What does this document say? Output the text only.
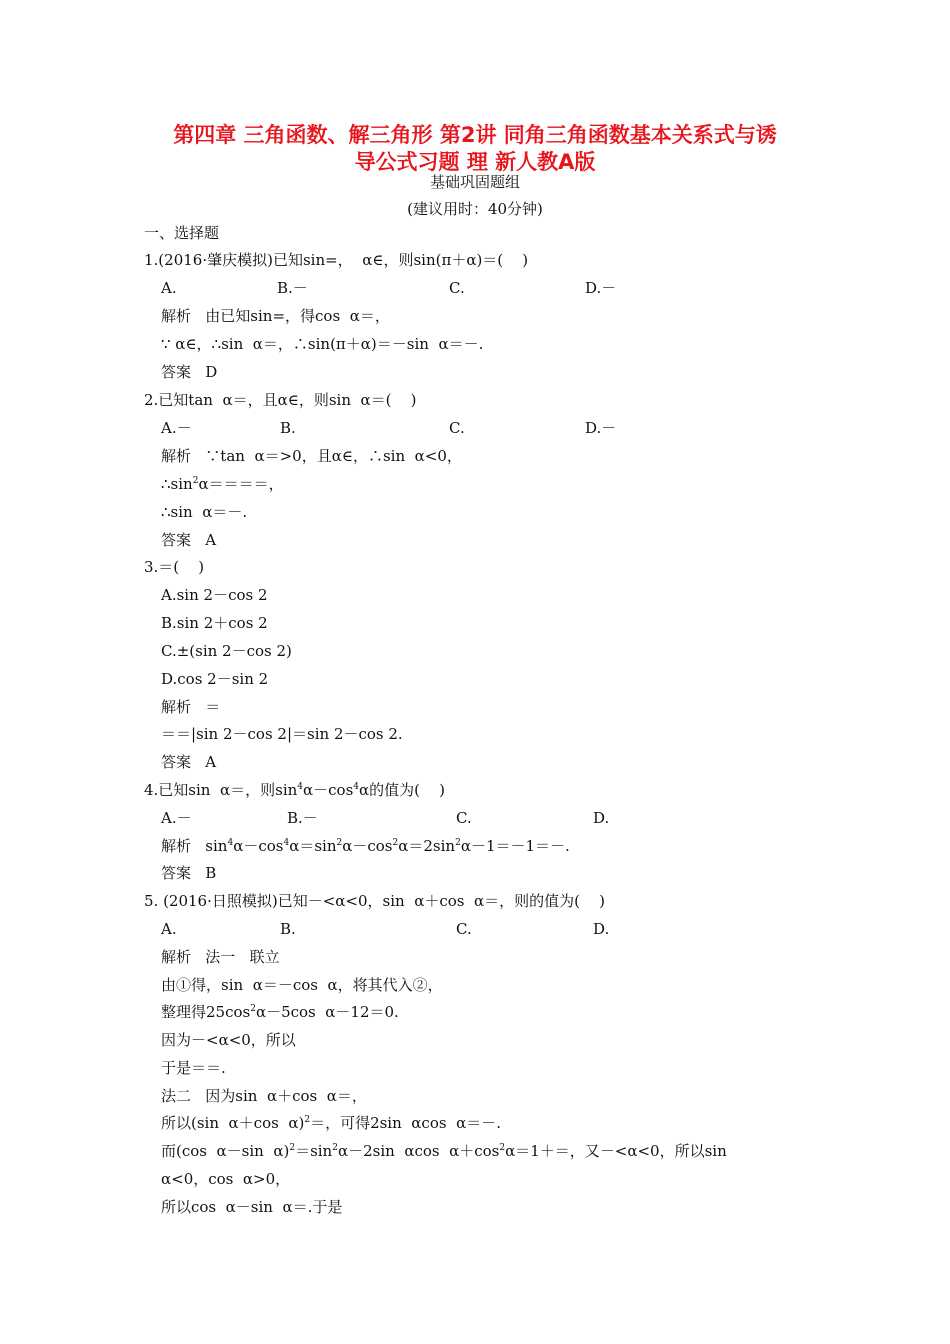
第四章 三角函数、解三角形 第2讲 同角三角函数基本关系式与诱
导公式习题 理 新人教A版
基础巩固题组
(建议用时：40分钟)
一、选择题
1.(2016·肇庆模拟)已知sin=，  α∈，则sin(π＋α)＝(    )
A.	B.－	C.	D.－
解析   由已知sin=，得cos  α＝，
∵ α∈，∴sin  α＝，∴sin(π＋α)＝－sin  α＝－.
答案   D
2.已知tan  α＝，且α∈，则sin  α＝(    )
A.－	B.	C.	D.－
解析   ∵tan  α＝>0，且α∈，∴sin  α<0，
$\therefore\sin^2\alpha====$，
∴sin  α＝－.
答案   A
3.＝(    )
A.sin 2－cos 2
B.sin 2＋cos 2
C.±(sin 2－cos 2)
D.cos 2－sin 2
解析   ＝
＝＝|sin 2－cos 2|＝sin 2－cos 2.
答案   A
4.已知sin  α＝，则$\sin^4\alpha-\cos^4\alpha$的值为(    )
A.－	B.－	C.	D.
解析   $\sin^4\alpha-\cos^4\alpha=\sin^2\alpha-\cos^2\alpha=2\sin^2\alpha-1=-1=-$.
答案   B
5. (2016·日照模拟)已知－<α<0，sin  α＋cos  α＝，则的值为(    )
A.	B.	C.	D.
解析   法一   联立
由①得，sin  α＝－cos  α，将其代入②，
整理得$25\cos^2\alpha-5\cos$  α－12＝0.
因为－<α<0，所以
于是＝＝.
法二   因为sin  α＋cos  α＝，
所以(sin  α＋cos  α)$^2$＝，可得2sin  αcos  α＝－.
而(cos  α－sin  $\alpha)^2=\sin^2\alpha-2\sin$  αcos  $\alpha+\cos^2\alpha=1+=$，又－<α<0，所以sin
α<0，cos  α>0，
所以cos  α－sin  α＝.于是
